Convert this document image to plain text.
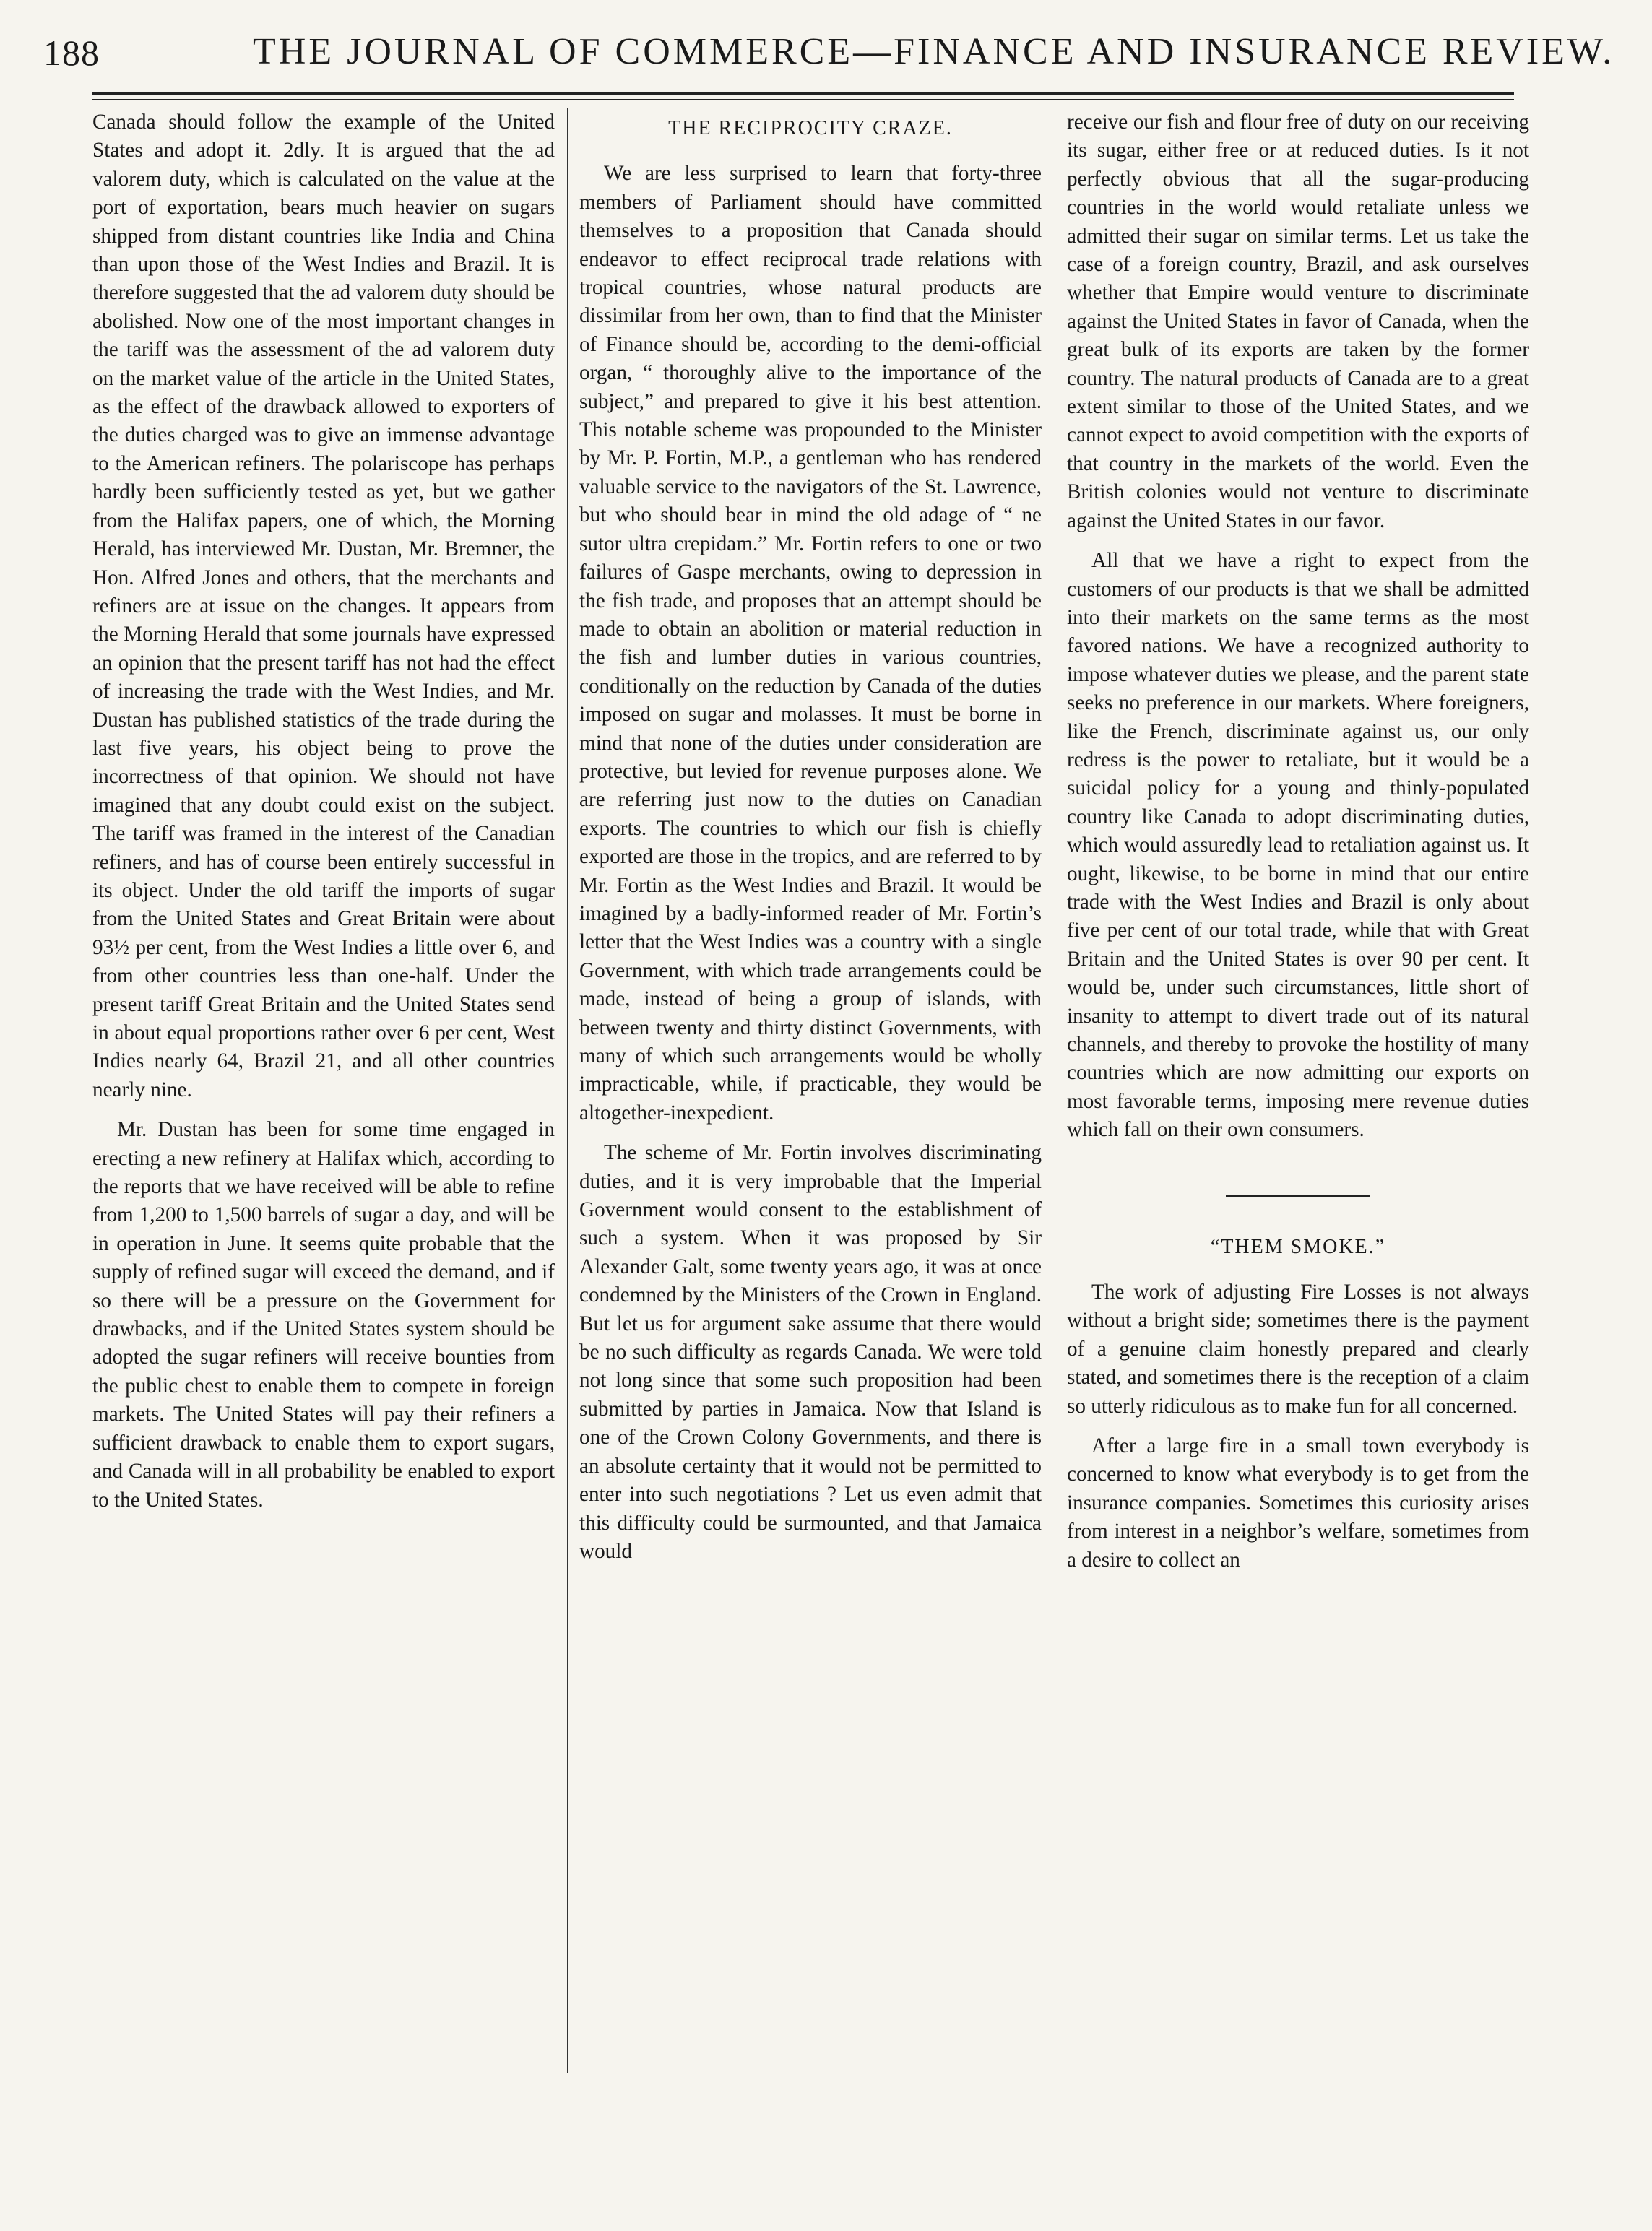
188	THE JOURNAL OF COMMERCE—FINANCE AND INSURANCE REVIEW.

Canada should follow the example of the United States and adopt it. 2dly. It is argued that the ad valorem duty, which is calculated on the value at the port of exportation, bears much heavier on sugars shipped from distant countries like India and China than upon those of the West Indies and Brazil. It is therefore suggested that the ad valorem duty should be abolished. Now one of the most important changes in the tariff was the assessment of the ad valorem duty on the market value of the article in the United States, as the effect of the drawback allowed to exporters of the duties charged was to give an immense advantage to the American refiners. The polariscope has perhaps hardly been sufficiently tested as yet, but we gather from the Halifax papers, one of which, the Morning Herald, has interviewed Mr. Dustan, Mr. Bremner, the Hon. Alfred Jones and others, that the merchants and refiners are at issue on the changes. It appears from the Morning Herald that some journals have expressed an opinion that the present tariff has not had the effect of increasing the trade with the West Indies, and Mr. Dustan has published statistics of the trade during the last five years, his object being to prove the incorrectness of that opinion. We should not have imagined that any doubt could exist on the subject. The tariff was framed in the interest of the Canadian refiners, and has of course been entirely successful in its object. Under the old tariff the imports of sugar from the United States and Great Britain were about 93½ per cent, from the West Indies a little over 6, and from other countries less than one-half. Under the present tariff Great Britain and the United States send in about equal proportions rather over 6 per cent, West Indies nearly 64, Brazil 21, and all other countries nearly nine.

Mr. Dustan has been for some time engaged in erecting a new refinery at Halifax which, according to the reports that we have received will be able to refine from 1,200 to 1,500 barrels of sugar a day, and will be in operation in June. It seems quite probable that the supply of refined sugar will exceed the demand, and if so there will be a pressure on the Government for drawbacks, and if the United States system should be adopted the sugar refiners will receive bounties from the public chest to enable them to compete in foreign markets. The United States will pay their refiners a sufficient drawback to enable them to export sugars, and Canada will in all probability be enabled to export to the United States.

THE RECIPROCITY CRAZE.

We are less surprised to learn that forty-three members of Parliament should have committed themselves to a proposition that Canada should endeavor to effect reciprocal trade relations with tropical countries, whose natural products are dissimilar from her own, than to find that the Minister of Finance should be, according to the demi-official organ, “ thoroughly alive to the importance of the subject,” and prepared to give it his best attention. This notable scheme was propounded to the Minister by Mr. P. Fortin, M.P., a gentleman who has rendered valuable service to the navigators of the St. Lawrence, but who should bear in mind the old adage of “ ne sutor ultra crepidam.” Mr. Fortin refers to one or two failures of Gaspe merchants, owing to depression in the fish trade, and proposes that an attempt should be made to obtain an abolition or material reduction in the fish and lumber duties in various countries, conditionally on the reduction by Canada of the duties imposed on sugar and molasses. It must be borne in mind that none of the duties under consideration are protective, but levied for revenue purposes alone. We are referring just now to the duties on Canadian exports. The countries to which our fish is chiefly exported are those in the tropics, and are referred to by Mr. Fortin as the West Indies and Brazil. It would be imagined by a badly-informed reader of Mr. Fortin’s letter that the West Indies was a country with a single Government, with which trade arrangements could be made, instead of being a group of islands, with between twenty and thirty distinct Governments, with many of which such arrangements would be wholly impracticable, while, if practicable, they would be altogether-inexpedient.

The scheme of Mr. Fortin involves discriminating duties, and it is very improbable that the Imperial Government would consent to the establishment of such a system. When it was proposed by Sir Alexander Galt, some twenty years ago, it was at once condemned by the Ministers of the Crown in England. But let us for argument sake assume that there would be no such difficulty as regards Canada. We were told not long since that some such proposition had been submitted by parties in Jamaica. Now that Island is one of the Crown Colony Governments, and there is an absolute certainty that it would not be permitted to enter into such negotiations ? Let us even admit that this difficulty could be surmounted, and that Jamaica would

receive our fish and flour free of duty on our receiving its sugar, either free or at reduced duties. Is it not perfectly obvious that all the sugar-producing countries in the world would retaliate unless we admitted their sugar on similar terms. Let us take the case of a foreign country, Brazil, and ask ourselves whether that Empire would venture to discriminate against the United States in favor of Canada, when the great bulk of its exports are taken by the former country. The natural products of Canada are to a great extent similar to those of the United States, and we cannot expect to avoid competition with the exports of that country in the markets of the world. Even the British colonies would not venture to discriminate against the United States in our favor.

All that we have a right to expect from the customers of our products is that we shall be admitted into their markets on the same terms as the most favored nations. We have a recognized authority to impose whatever duties we please, and the parent state seeks no preference in our markets. Where foreigners, like the French, discriminate against us, our only redress is the power to retaliate, but it would be a suicidal policy for a young and thinly-populated country like Canada to adopt discriminating duties, which would assuredly lead to retaliation against us. It ought, likewise, to be borne in mind that our entire trade with the West Indies and Brazil is only about five per cent of our total trade, while that with Great Britain and the United States is over 90 per cent. It would be, under such circumstances, little short of insanity to attempt to divert trade out of its natural channels, and thereby to provoke the hostility of many countries which are now admitting our exports on most favorable terms, imposing mere revenue duties which fall on their own consumers.

“THEM SMOKE.”

The work of adjusting Fire Losses is not always without a bright side; sometimes there is the payment of a genuine claim honestly prepared and clearly stated, and sometimes there is the reception of a claim so utterly ridiculous as to make fun for all concerned.

After a large fire in a small town everybody is concerned to know what everybody is to get from the insurance companies. Sometimes this curiosity arises from interest in a neighbor’s welfare, sometimes from a desire to collect an
